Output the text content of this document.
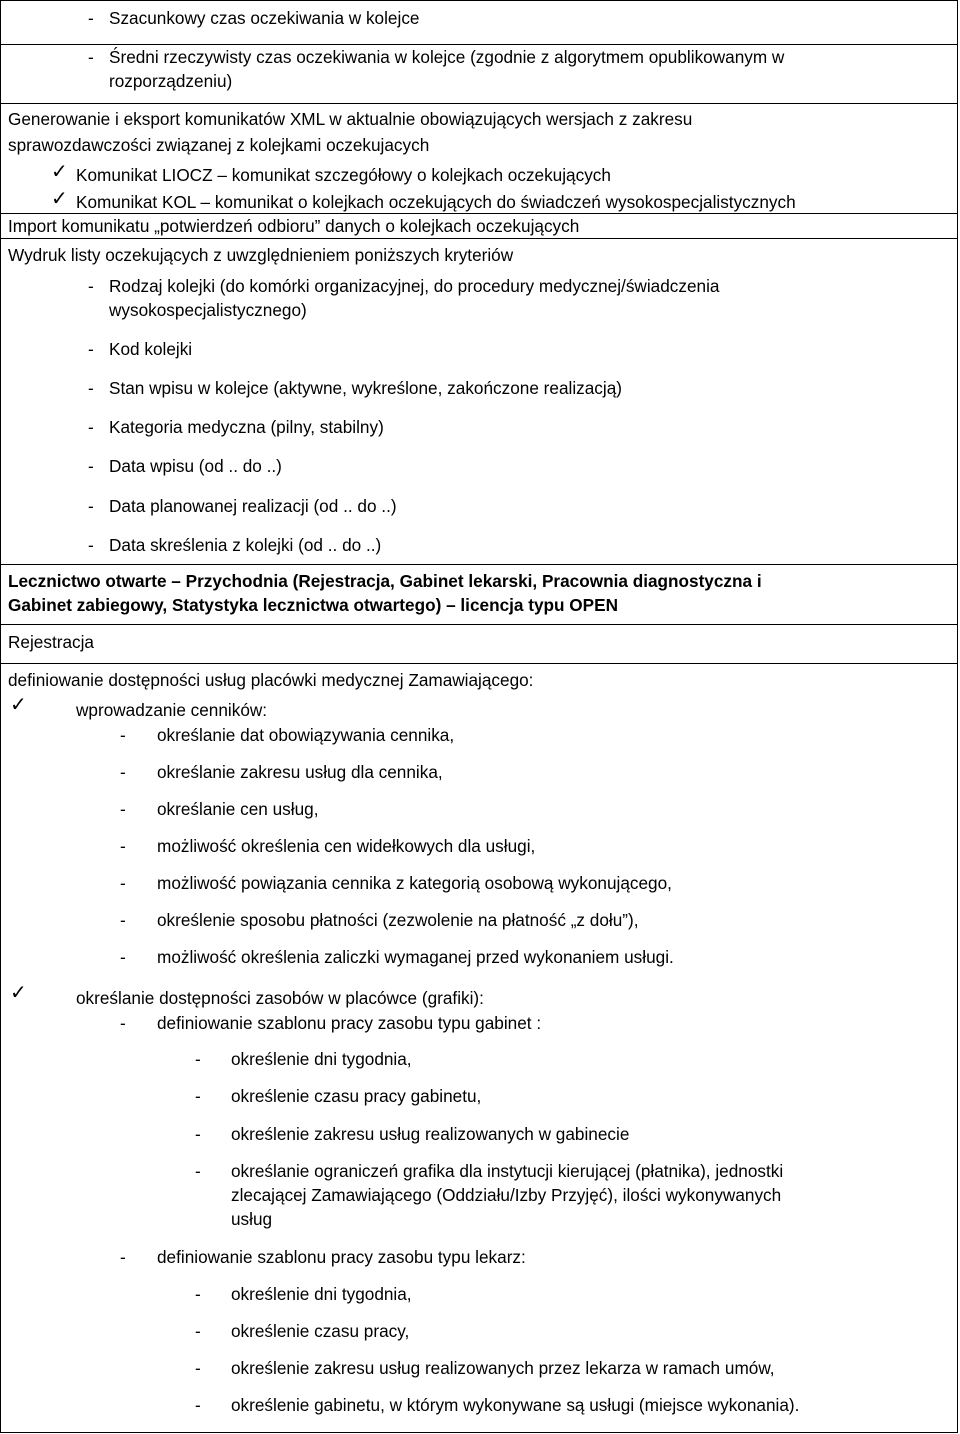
- Szacunkowy czas oczekiwania w kolejce
- Średni rzeczywisty czas oczekiwania w kolejce (zgodnie z algorytmem opublikowanym w
rozporządzeniu)
Generowanie i eksport komunikatów XML w aktualnie obowiązujących wersjach z zakresu
sprawozdawczości związanej z kolejkami oczekujacych
✓ Komunikat LIOCZ – komunikat szczegółowy o kolejkach oczekujących
✓ Komunikat KOL – komunikat o kolejkach oczekujących do świadczeń wysokospecjalistycznych
Import komunikatu „potwierdzeń odbioru” danych o kolejkach oczekujących
Wydruk listy oczekujących z uwzględnieniem poniższych kryteriów
- Rodzaj kolejki (do komórki organizacyjnej, do procedury medycznej/świadczenia
wysokospecjalistycznego)
- Kod kolejki
- Stan wpisu w kolejce (aktywne, wykreślone, zakończone realizacją)
- Kategoria medyczna (pilny, stabilny)
- Data wpisu (od .. do ..)
- Data planowanej realizacji (od .. do ..)
- Data skreślenia z kolejki (od .. do ..)
Lecznictwo otwarte – Przychodnia (Rejestracja, Gabinet lekarski, Pracownia diagnostyczna i
Gabinet zabiegowy, Statystyka lecznictwa otwartego) – licencja typu OPEN
Rejestracja
definiowanie dostępności usług placówki medycznej Zamawiającego:
✓	wprowadzanie cenników:
- określanie dat obowiązywania cennika,
- określanie zakresu usług dla cennika,
- określanie cen usług,
- możliwość określenia cen widełkowych dla usługi,
- możliwość powiązania cennika z kategorią osobową wykonującego,
- określenie sposobu płatności (zezwolenie na płatność „z dołu”),
- możliwość określenia zaliczki wymaganej przed wykonaniem usługi.
✓	określanie dostępności zasobów w placówce (grafiki):
- definiowanie szablonu pracy zasobu typu gabinet :
- określenie dni tygodnia,
- określenie czasu pracy gabinetu,
- określenie zakresu usług realizowanych w gabinecie
- określanie ograniczeń grafika dla instytucji kierującej (płatnika), jednostki
zlecającej Zamawiającego (Oddziału/Izby Przyjęć), ilości wykonywanych
usług
- definiowanie szablonu pracy zasobu typu lekarz:
- określenie dni tygodnia,
- określenie czasu pracy,
- określenie zakresu usług realizowanych przez lekarza w ramach umów,
- określenie gabinetu, w którym wykonywane są usługi (miejsce wykonania).
